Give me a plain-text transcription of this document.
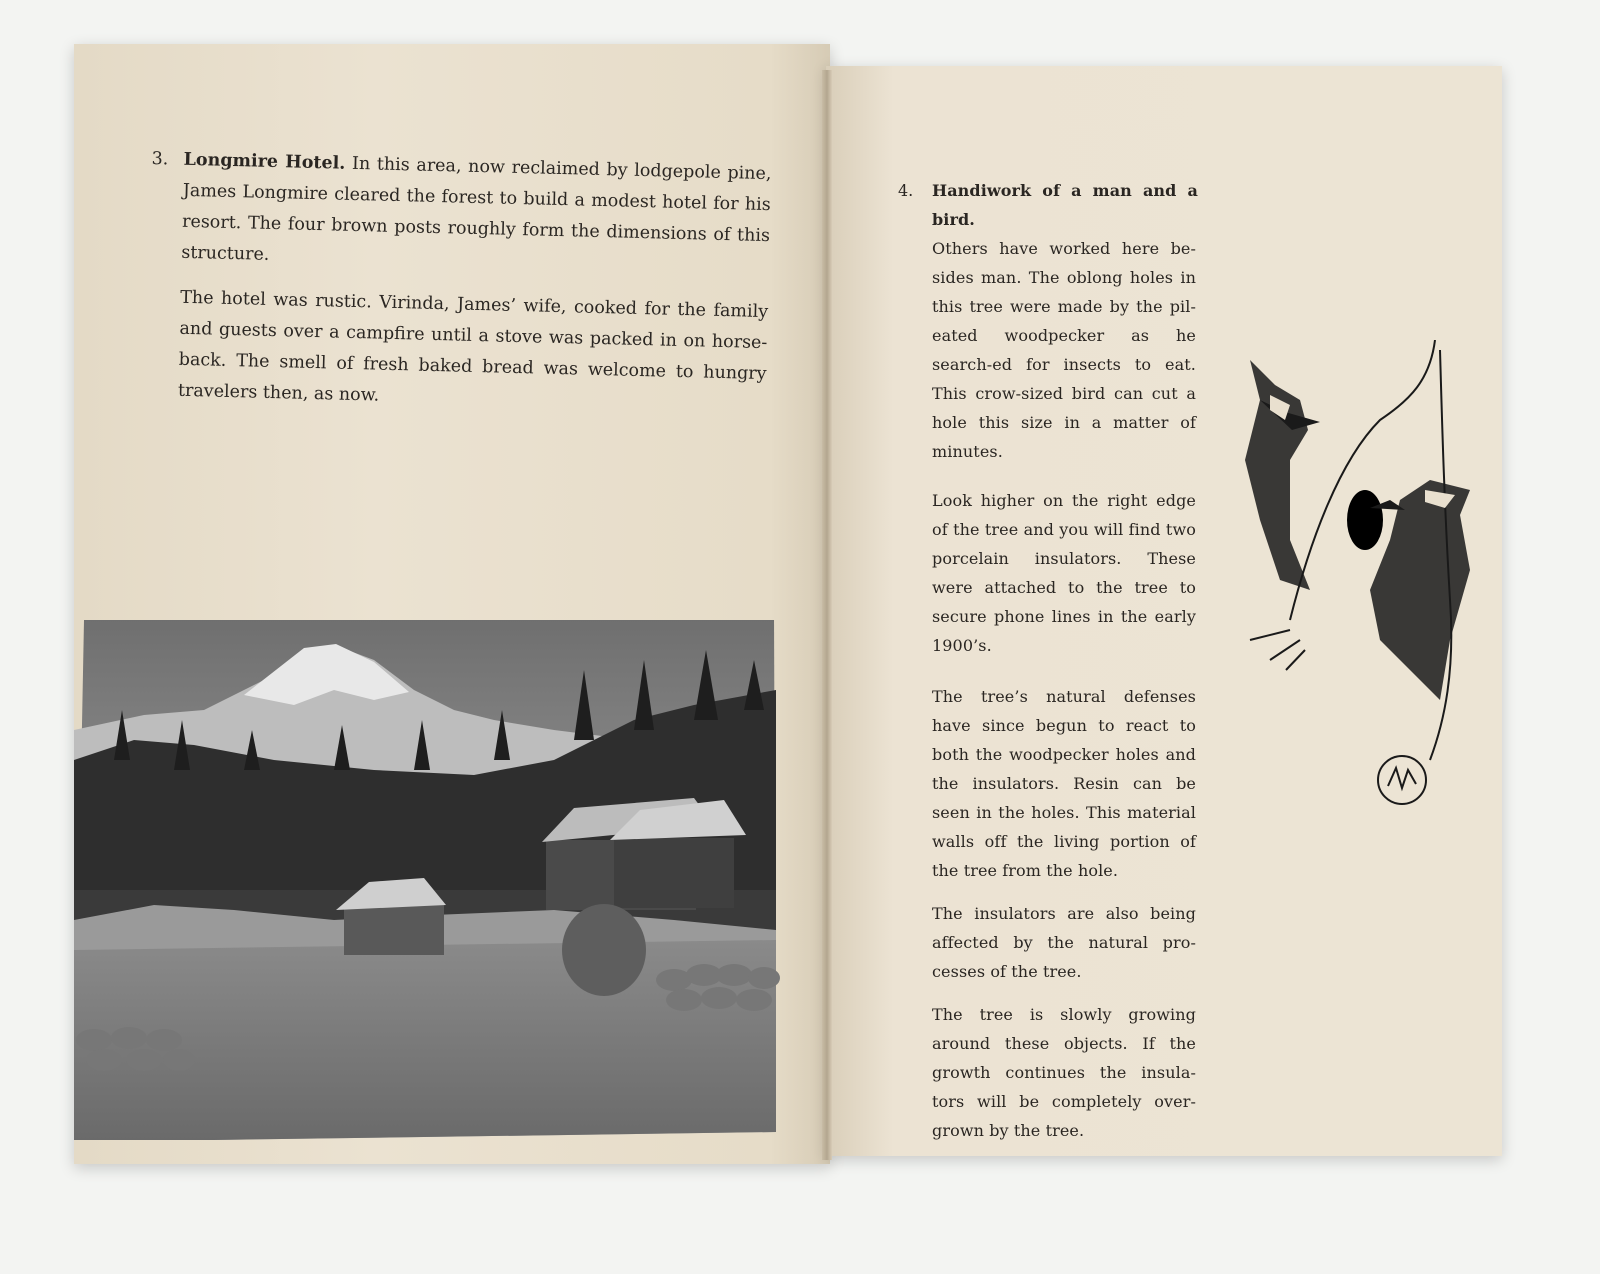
3. Longmire Hotel. In this area, now reclaimed by lodgepole pine, James Longmire cleared the forest to build a modest hotel for his resort. The four brown posts roughly form the dimensions of this structure.

The hotel was rustic. Virinda, James’ wife, cooked for the family and guests over a campfire until a stove was packed in on horse-back. The smell of fresh baked bread was welcome to hungry travelers then, as now.

4.	Handiwork of a man and a bird.

Others have worked here be-sides man. The oblong holes in this tree were made by the pil-eated woodpecker as he search-ed for insects to eat. This crow-sized bird can cut a hole this size in a matter of minutes.

Look higher on the right edge of the tree and you will find two porcelain insulators. These were attached to the tree to secure phone lines in the early 1900’s.

The tree’s natural defenses have since begun to react to both the woodpecker holes and the insulators. Resin can be seen in the holes. This material walls off the living portion of the tree from the hole.

The insulators are also being affected by the natural pro-cesses of the tree.

The tree is slowly growing around these objects. If the growth continues the insula-tors will be completely over-grown by the tree.
